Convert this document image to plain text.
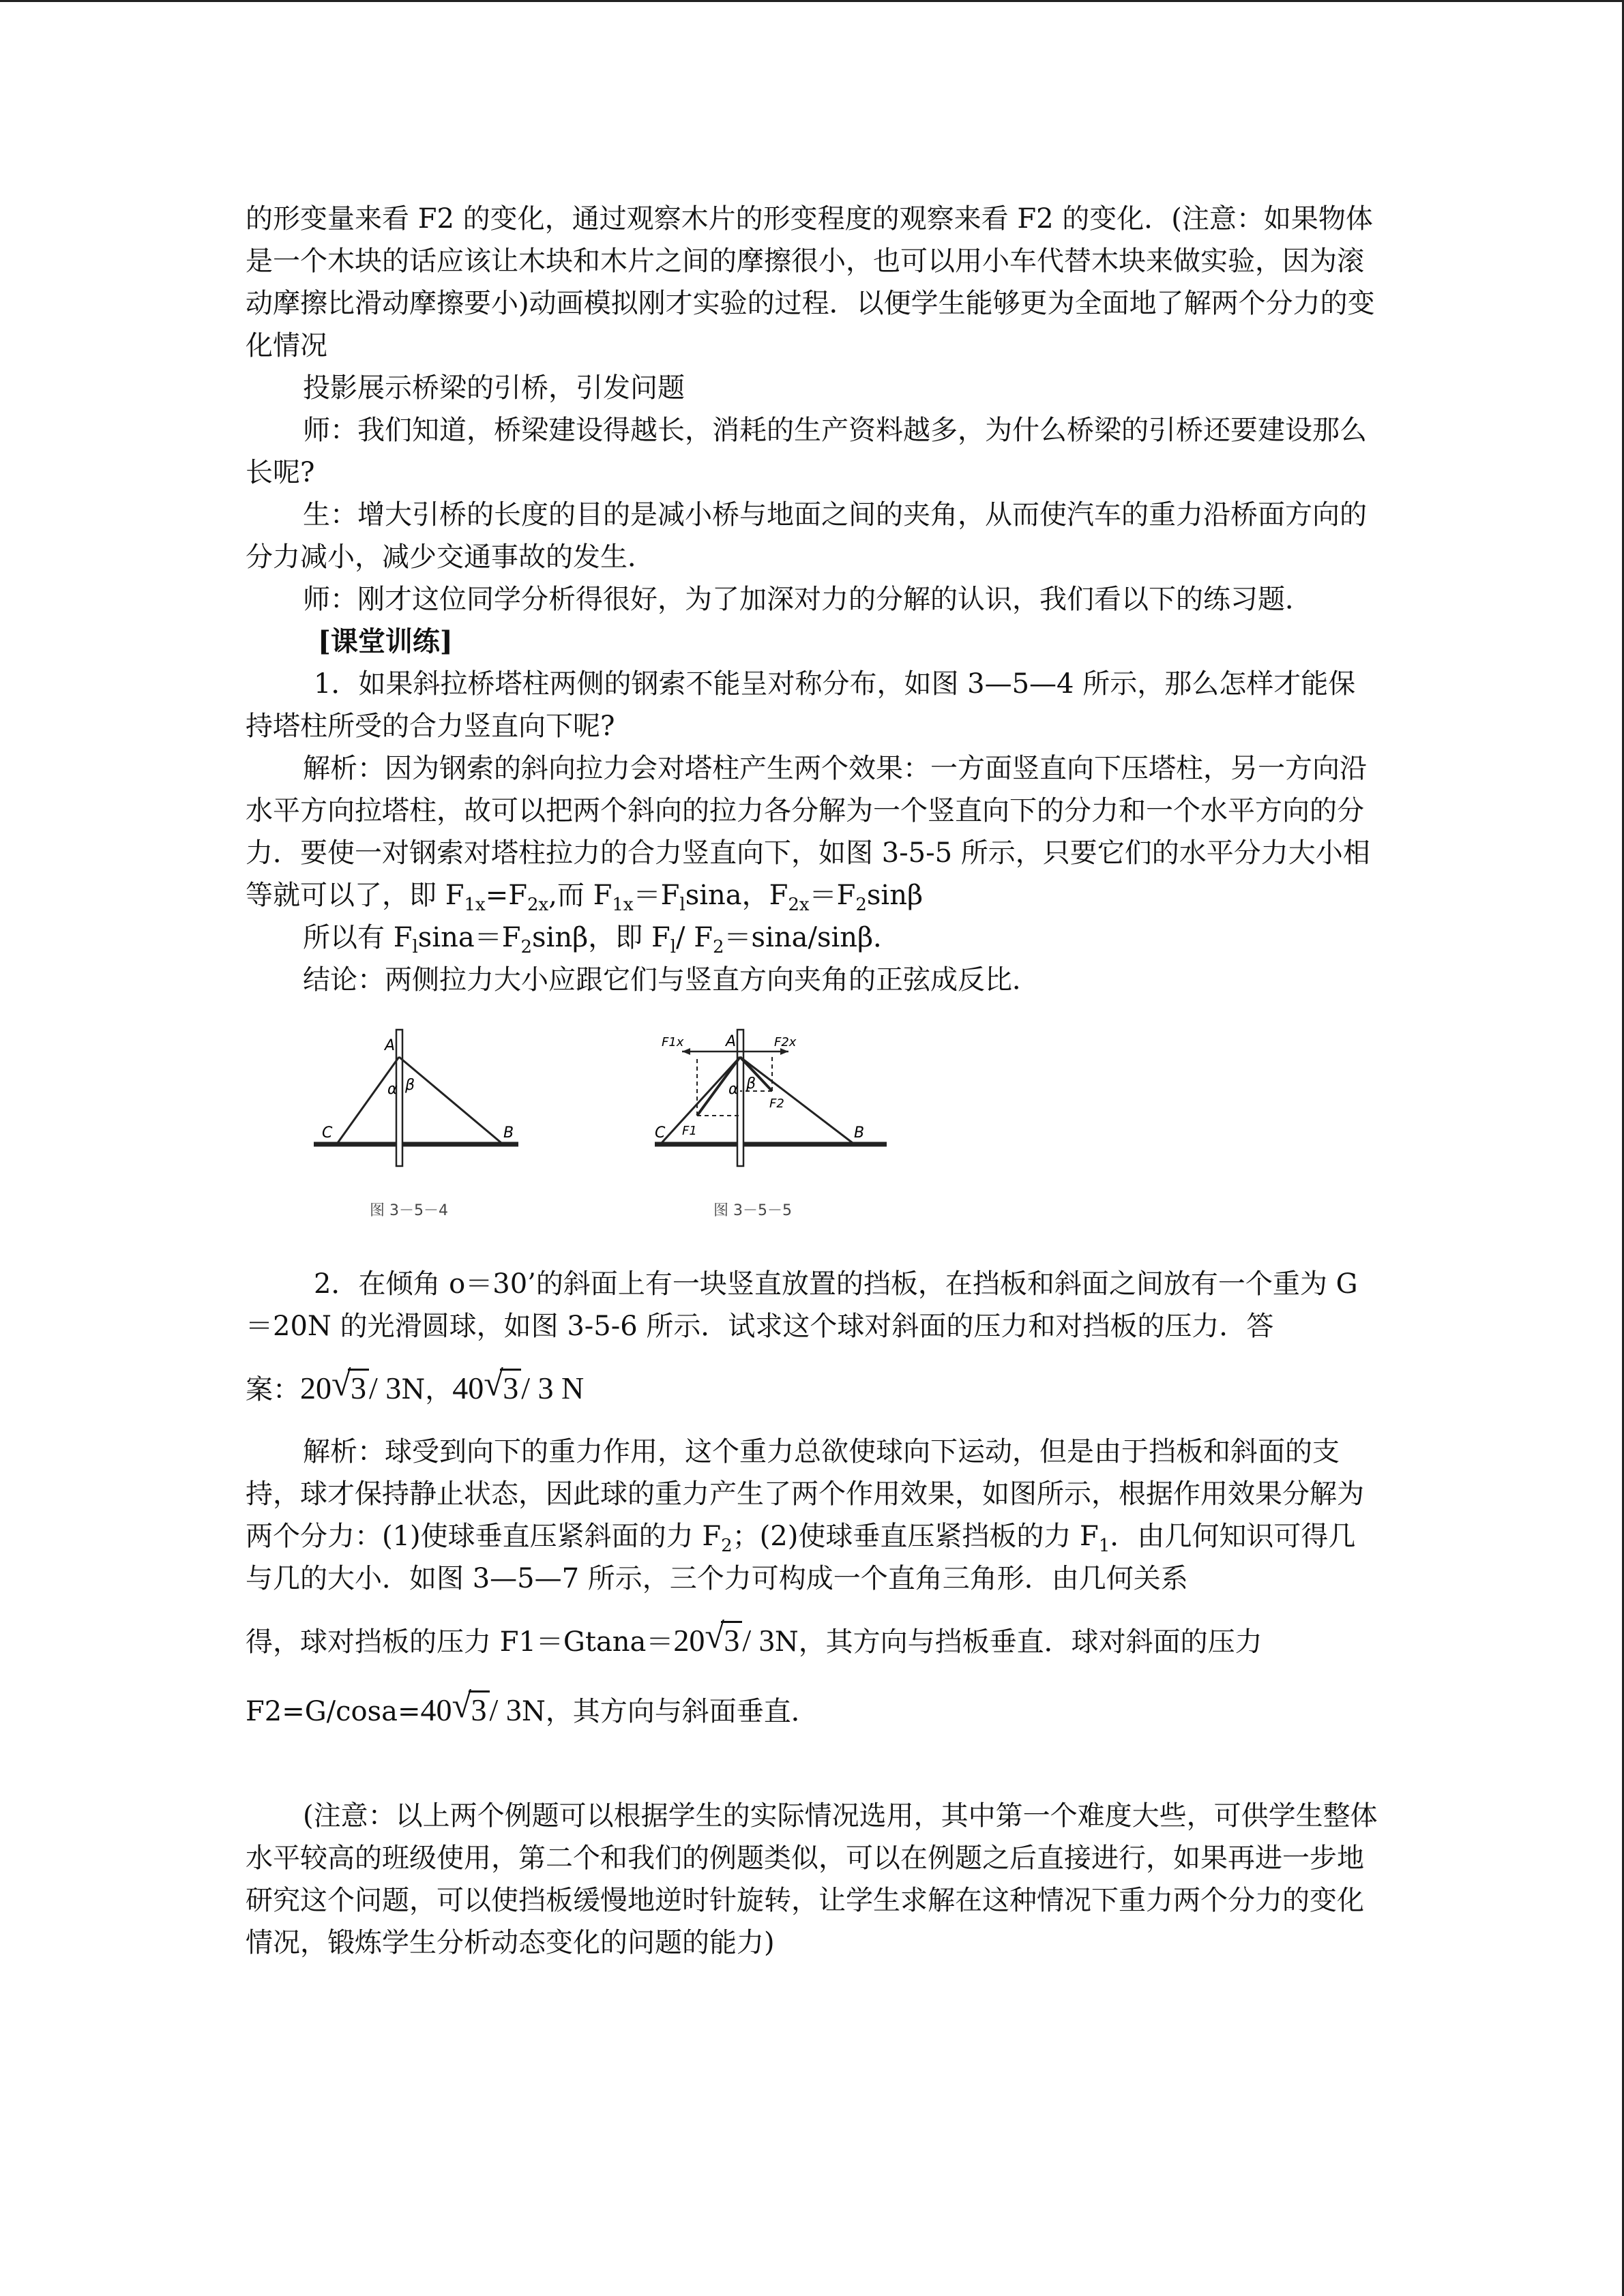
的形变量来看 F2 的变化，通过观察木片的形变程度的观察来看 F2 的变化．(注意：如果物体是一个木块的话应该让木块和木片之间的摩擦很小，也可以用小车代替木块来做实验，因为滚动摩擦比滑动摩擦要小)动画模拟刚才实验的过程．以便学生能够更为全面地了解两个分力的变化情况

投影展示桥梁的引桥，引发问题

师：我们知道，桥梁建设得越长，消耗的生产资料越多，为什么桥梁的引桥还要建设那么长呢?

生：增大引桥的长度的目的是减小桥与地面之间的夹角，从而使汽车的重力沿桥面方向的分力减小，减少交通事故的发生．

师：刚才这位同学分析得很好，为了加深对力的分解的认识，我们看以下的练习题．

[课堂训练]

1．如果斜拉桥塔柱两侧的钢索不能呈对称分布，如图 3—5—4 所示，那么怎样才能保持塔柱所受的合力竖直向下呢?

解析：因为钢索的斜向拉力会对塔柱产生两个效果：一方面竖直向下压塔柱，另一方向沿水平方向拉塔柱，故可以把两个斜向的拉力各分解为一个竖直向下的分力和一个水平方向的分力．要使一对钢索对塔柱拉力的合力竖直向下，如图 3-5-5 所示，只要它们的水平分力大小相等就可以了，即 $F_{1x}=F_{2x}$,而 $F_{1x}=F_l\sin a$，$F_{2x}=F_2\sin\beta$

所以有 $F_l\sin a=F_2\sin\beta$，即 $F_l/$ $F_2=\sin a$/sinβ．

结论：两侧拉力大小应跟它们与竖直方向夹角的正弦成反比．

A
α β
C	B
图 3－5－4
A
α β
F1x	F2x
F1
F2
C	B
图 3－5－5

2．在倾角 o＝30’的斜面上有一块竖直放置的挡板，在挡板和斜面之间放有一个重为 G＝20N 的光滑圆球，如图 3-5-6 所示．试求这个球对斜面的压力和对挡板的压力．答

案：20 √ 3/ 3N，40 √ 3/ 3 N

解析：球受到向下的重力作用，这个重力总欲使球向下运动，但是由于挡板和斜面的支持，球才保持静止状态，因此球的重力产生了两个作用效果，如图所示，根据作用效果分解为两个分力：(1)使球垂直压紧斜面的力 $F_2$；(2)使球垂直压紧挡板的力 $F_1$．由几何知识可得几与几的大小．如图 3—5—7 所示，三个力可构成一个直角三角形．由几何关系

得，球对挡板的压力 F1＝Gtana＝20 √ 3/ 3N，其方向与挡板垂直．球对斜面的压力

F2=G/cosa=40 √ 3/ 3N，其方向与斜面垂直．

(注意：以上两个例题可以根据学生的实际情况选用，其中第一个难度大些，可供学生整体水平较高的班级使用，第二个和我们的例题类似，可以在例题之后直接进行，如果再进一步地研究这个问题，可以使挡板缓慢地逆时针旋转，让学生求解在这种情况下重力两个分力的变化情况，锻炼学生分析动态变化的问题的能力)
